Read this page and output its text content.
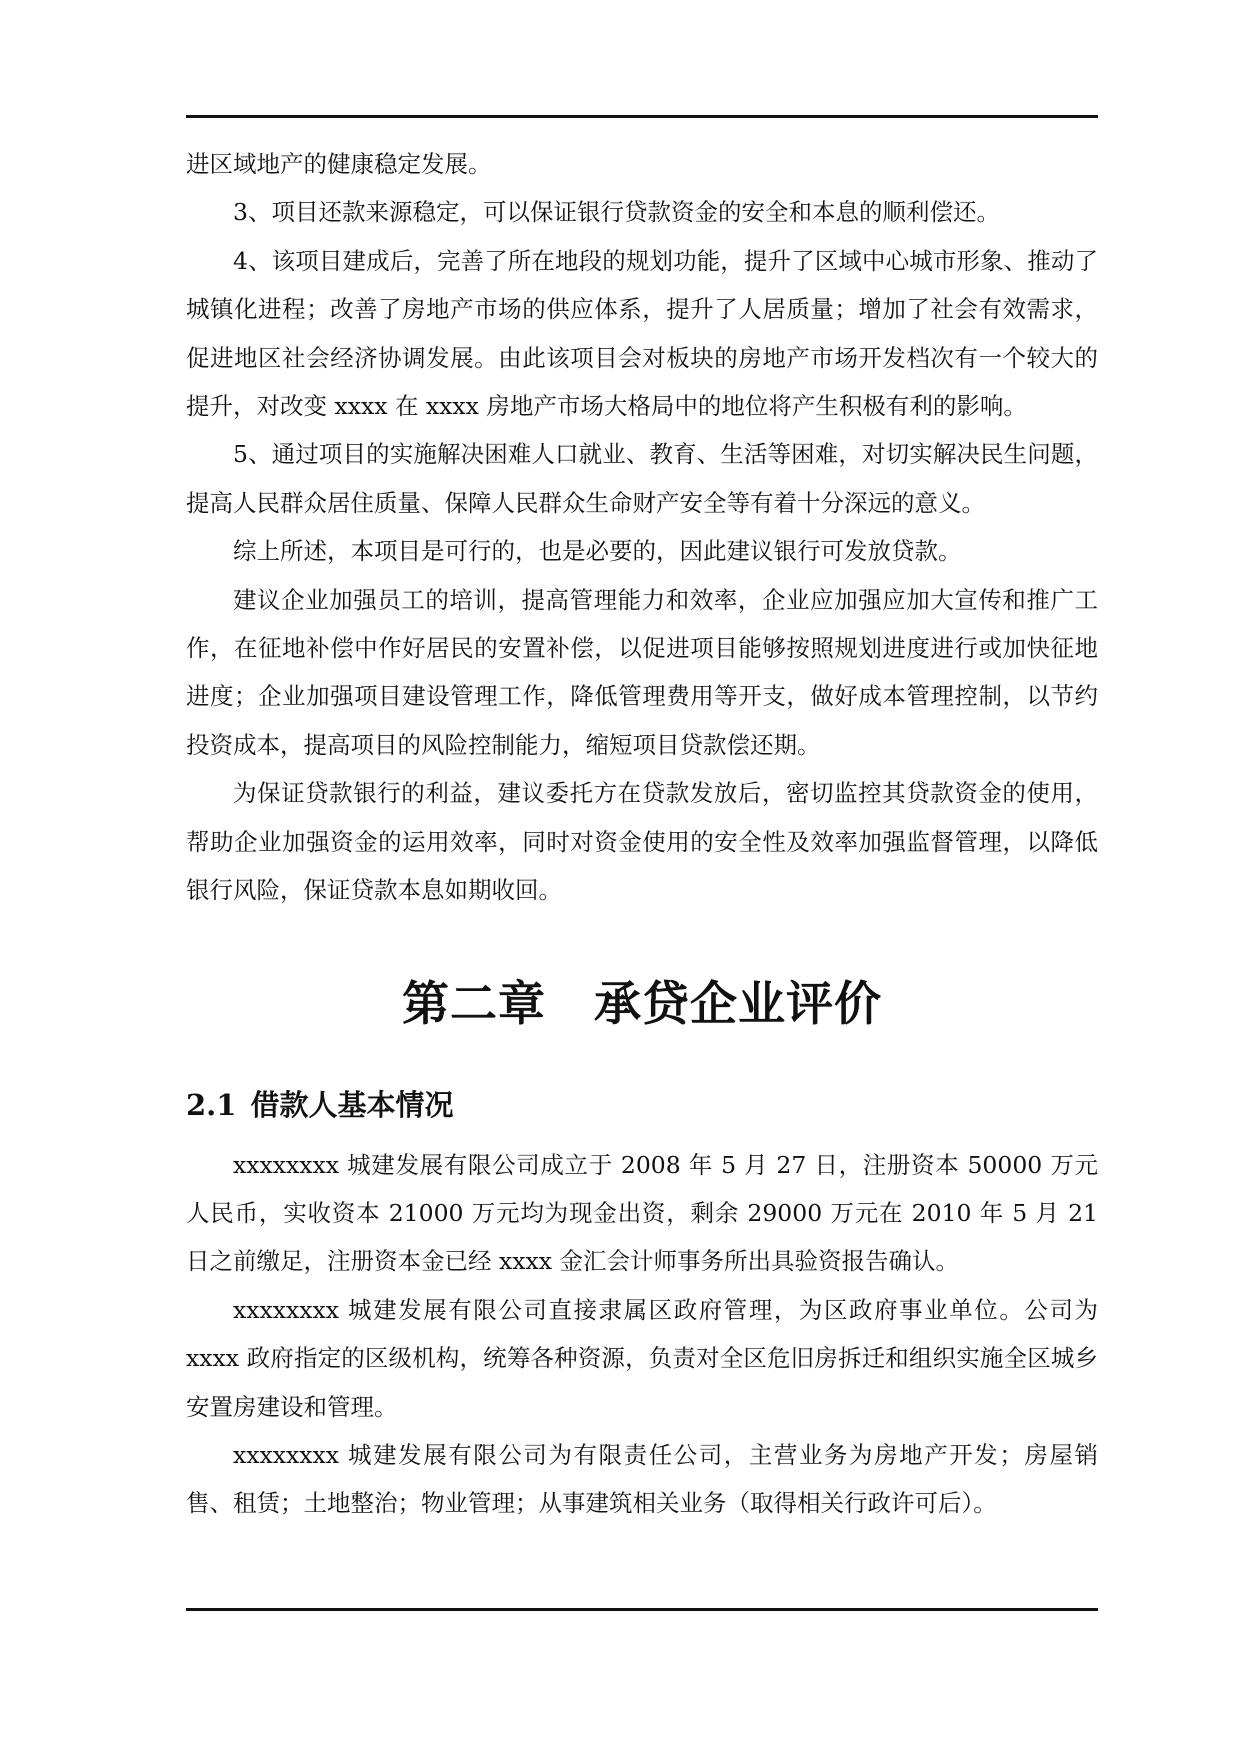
进区域地产的健康稳定发展。

3、项目还款来源稳定，可以保证银行贷款资金的安全和本息的顺利偿还。

4、该项目建成后，完善了所在地段的规划功能，提升了区域中心城市形象、推动了城镇化进程；改善了房地产市场的供应体系，提升了人居质量；增加了社会有效需求，促进地区社会经济协调发展。由此该项目会对板块的房地产市场开发档次有一个较大的提升，对改变 xxxx 在 xxxx 房地产市场大格局中的地位将产生积极有利的影响。

5、通过项目的实施解决困难人口就业、教育、生活等困难，对切实解决民生问题，提高人民群众居住质量、保障人民群众生命财产安全等有着十分深远的意义。

综上所述，本项目是可行的，也是必要的，因此建议银行可发放贷款。

建议企业加强员工的培训，提高管理能力和效率，企业应加强应加大宣传和推广工作，在征地补偿中作好居民的安置补偿，以促进项目能够按照规划进度进行或加快征地进度；企业加强项目建设管理工作，降低管理费用等开支，做好成本管理控制，以节约投资成本，提高项目的风险控制能力，缩短项目贷款偿还期。

为保证贷款银行的利益，建议委托方在贷款发放后，密切监控其贷款资金的使用，帮助企业加强资金的运用效率，同时对资金使用的安全性及效率加强监督管理，以降低银行风险，保证贷款本息如期收回。

第二章　承贷企业评价
2.1 借款人基本情况

xxxxxxxx 城建发展有限公司成立于 2008 年 5 月 27 日，注册资本 50000 万元人民币，实收资本 21000 万元均为现金出资，剩余 29000 万元在 2010 年 5 月 21 日之前缴足，注册资本金已经 xxxx 金汇会计师事务所出具验资报告确认。

xxxxxxxx 城建发展有限公司直接隶属区政府管理，为区政府事业单位。公司为 xxxx 政府指定的区级机构，统筹各种资源，负责对全区危旧房拆迁和组织实施全区城乡安置房建设和管理。

xxxxxxxx 城建发展有限公司为有限责任公司，主营业务为房地产开发；房屋销售、租赁；土地整治；物业管理；从事建筑相关业务（取得相关行政许可后）。
